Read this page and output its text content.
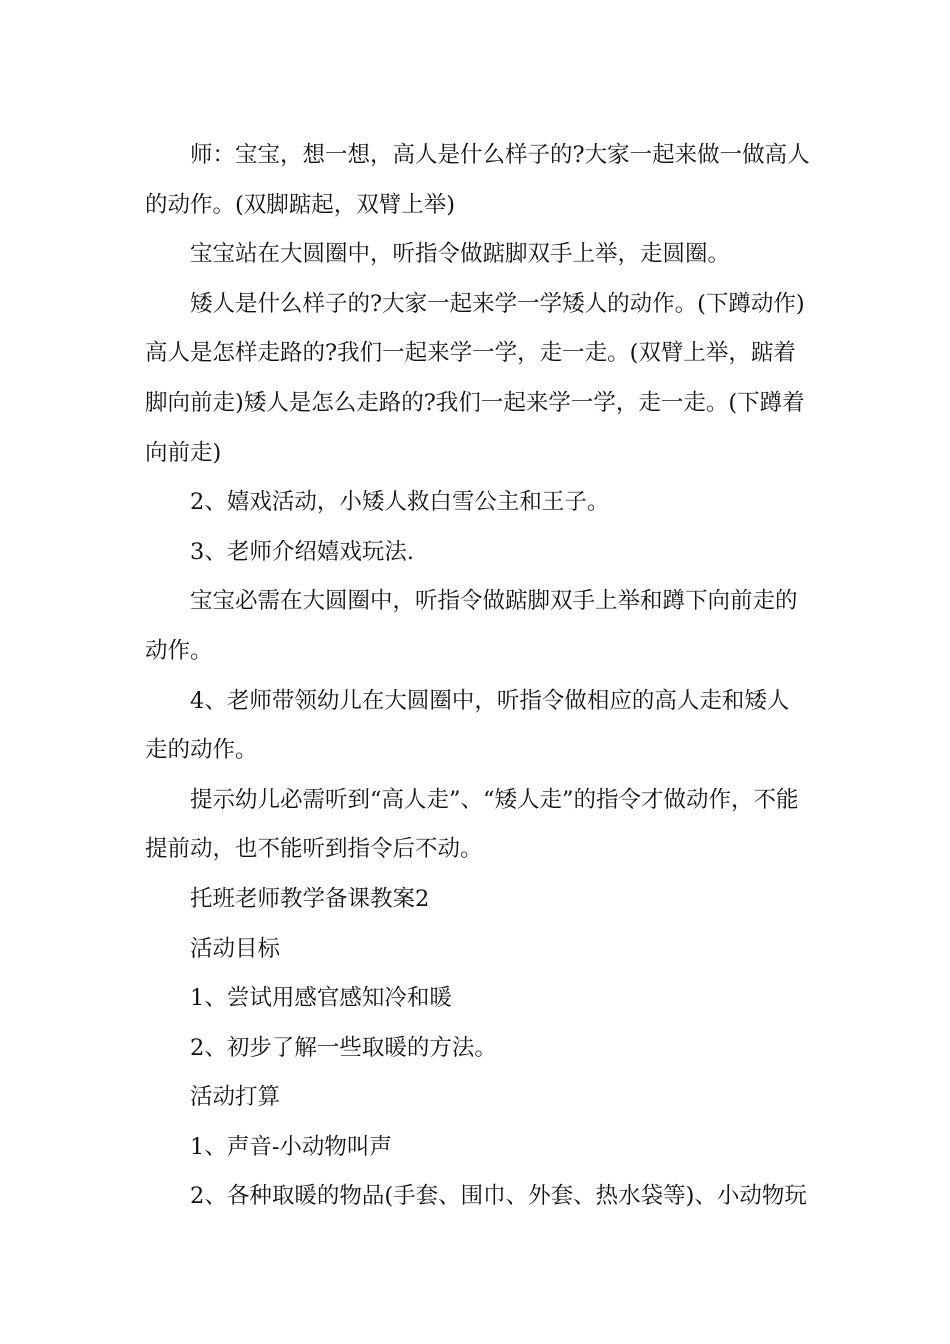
师：宝宝，想一想，高人是什么样子的?大家一起来做一做高人的动作。(双脚踮起，双臂上举)

宝宝站在大圆圈中，听指令做踮脚双手上举，走圆圈。

矮人是什么样子的?大家一起来学一学矮人的动作。(下蹲动作)高人是怎样走路的?我们一起来学一学，走一走。(双臂上举，踮着脚向前走)矮人是怎么走路的?我们一起来学一学，走一走。(下蹲着向前走)

2、嬉戏活动，小矮人救白雪公主和王子。

3、老师介绍嬉戏玩法.

宝宝必需在大圆圈中，听指令做踮脚双手上举和蹲下向前走的动作。

4、老师带领幼儿在大圆圈中，听指令做相应的高人走和矮人走的动作。

提示幼儿必需听到“高人走”、“矮人走”的指令才做动作，不能提前动，也不能听到指令后不动。

托班老师教学备课教案2

活动目标

1、尝试用感官感知冷和暖

2、初步了解一些取暖的方法。

活动打算

1、声音-小动物叫声

2、各种取暖的物品(手套、围巾、外套、热水袋等)、小动物玩
